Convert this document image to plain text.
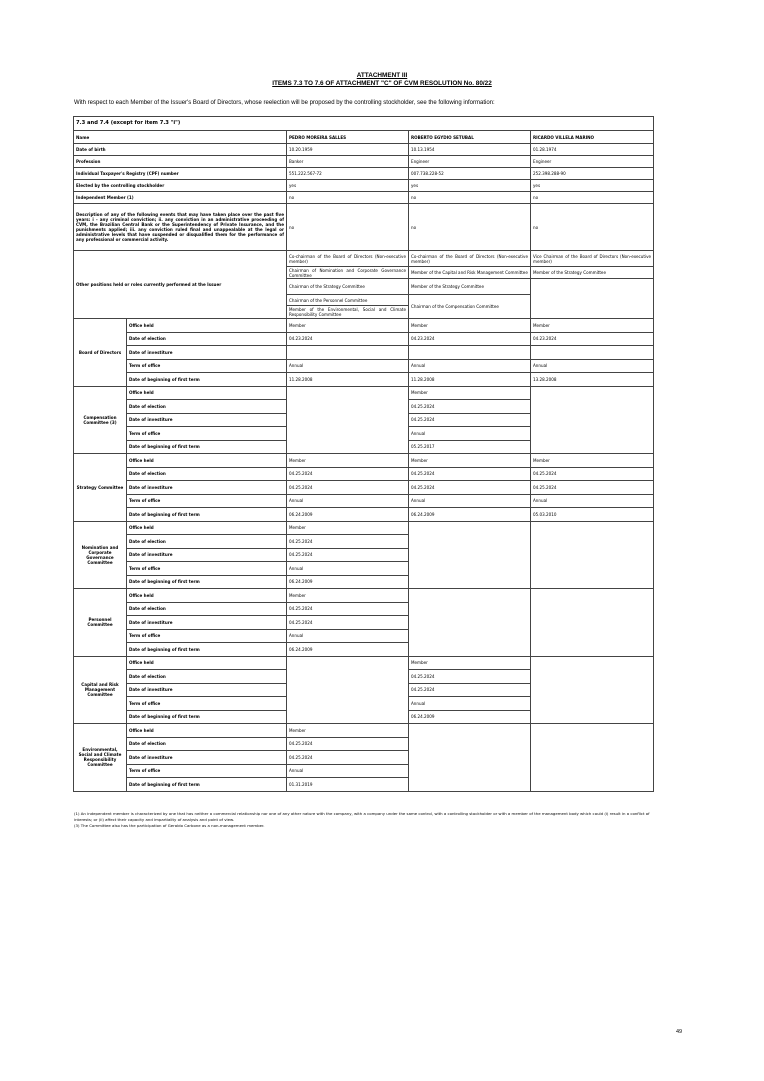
ATTACHMENT III
ITEMS 7.3 TO 7.6 OF ATTACHMENT "C" OF CVM RESOLUTION No. 80/22
With respect to each Member of the Issuer's Board of Directors, whose reelection will be proposed by the controlling stockholder, see the following information:
7.3 and 7.4 (except for item 7.3 "i")				
Name		PEDRO MOREIRA SALLES	ROBERTO EGYDIO SETUBAL	RICARDO VILLELA MARINO
Date of birth		10.20.1959	10.13.1954	01.28.1974
Profession		Banker	Engineer	Engineer
Individual Taxpayer's Registry (CPF) number		551.222.567-72	007.738.228-52	252.398.288-90
Elected by the controlling stockholder		yes	yes	yes
Independent Member (1)		no	no	no
Description of any of the following events that may have taken place over the past five years: i - any criminal conviction; ii. any conviction in an administrative proceeding of CVM, the Brazilian Central Bank or the Superintendency of Private Insurance, and the punishments applied; iii. any conviction ruled final and unappealable at the legal or administrative levels that have suspended or disqualified them for the performance of any professional or commercial activity.		no	no	no
Other positions held or roles currently performed at the Issuer		Co-chairman of the Board of Directors (Non-executive member)	Co-chairman of the Board of Directors (Non-executive member)	Vice Chairman of the Board of Directors (Non-executive member)
		Chairman of Nomination and Corporate Governance Committee	Member of the Capital and Risk Management Committee	Member of the Strategy Committee
		Chairman of the Strategy Committee	Member of the Strategy Committee	
		Chairman of the Personnel Committee	Chairman of the Compensation Committee	
		Member of the Environmental, Social and Climate Responsibility Committee		
Board of Directors	Office held	Member	Member	Member
	Date of election	04.23.2024	04.23.2024	04.23.2024
	Date of investiture			
	Term of office	Annual	Annual	Annual
	Date of beginning of first term	11.28.2008	11.28.2008	13.28.2008
Compensation Committee (3)	Office held		Member	
	Date of election		04.25.2024	
	Date of investiture		04.25.2024	
	Term of office		Annual	
	Date of beginning of first term		05.25.2017	
Strategy Committee	Office held	Member	Member	Member
	Date of election	04.25.2024	04.25.2024	04.25.2024
	Date of investiture	04.25.2024	04.25.2024	04.25.2024
	Term of office	Annual	Annual	Annual
	Date of beginning of first term	06.24.2009	06.24.2009	05.03.2010
Nomination and Corporate Governance Committee	Office held	Member		
	Date of election	04.25.2024		
	Date of investiture	04.25.2024		
	Term of office	Annual		
	Date of beginning of first term	06.24.2009		
Personnel Committee	Office held	Member		
	Date of election	04.25.2024		
	Date of investiture	04.25.2024		
	Term of office	Annual		
	Date of beginning of first term	06.24.2009		
Capital and Risk Management Committee	Office held		Member	
	Date of election		04.25.2024	
	Date of investiture		04.25.2024	
	Term of office		Annual	
	Date of beginning of first term		06.24.2009	
Environmental, Social and Climate Responsibility Committee	Office held	Member		
	Date of election	04.25.2024		
	Date of investiture	04.25.2024		
	Term of office	Annual		
	Date of beginning of first term	01.31.2019		

(1) An independent member is characterized by one that has neither a commercial relationship nor one of any other nature with the company, with a company under the same control, with a controlling stockholder or with a member of the management body which could (i) result in a conflict of interests; or (ii) affect their capacity and impartiality of analysis and point of view.

(3) The Committee also has the participation of Geraldo Carbone as a non-management member.

49
